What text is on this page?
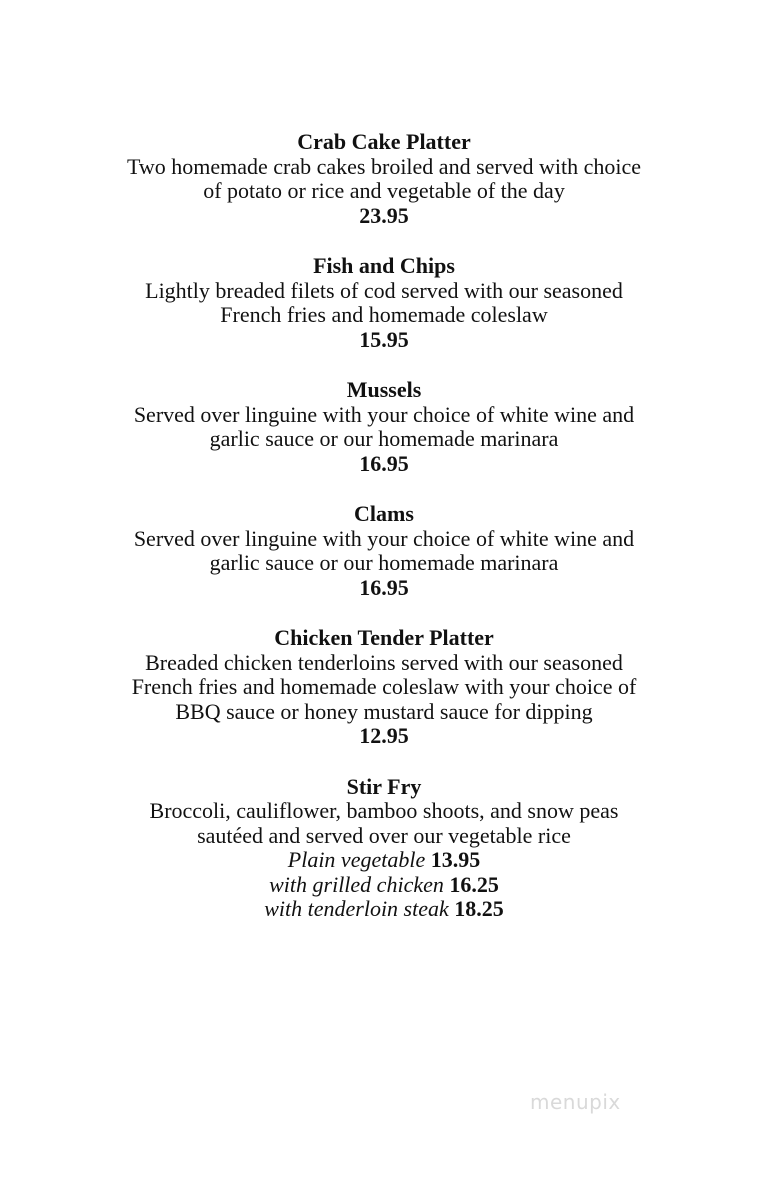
Crab Cake Platter
Two homemade crab cakes broiled and served with choice of potato or rice and vegetable of the day
23.95
Fish and Chips
Lightly breaded filets of cod served with our seasoned French fries and homemade coleslaw
15.95
Mussels
Served over linguine with your choice of white wine and garlic sauce or our homemade marinara
16.95
Clams
Served over linguine with your choice of white wine and garlic sauce or our homemade marinara
16.95
Chicken Tender Platter
Breaded chicken tenderloins served with our seasoned French fries and homemade coleslaw with your choice of BBQ sauce or honey mustard sauce for dipping
12.95
Stir Fry
Broccoli, cauliflower, bamboo shoots, and snow peas sautéed and served over our vegetable rice
Plain vegetable 13.95
with grilled chicken 16.25
with tenderloin steak 18.25
menupix
